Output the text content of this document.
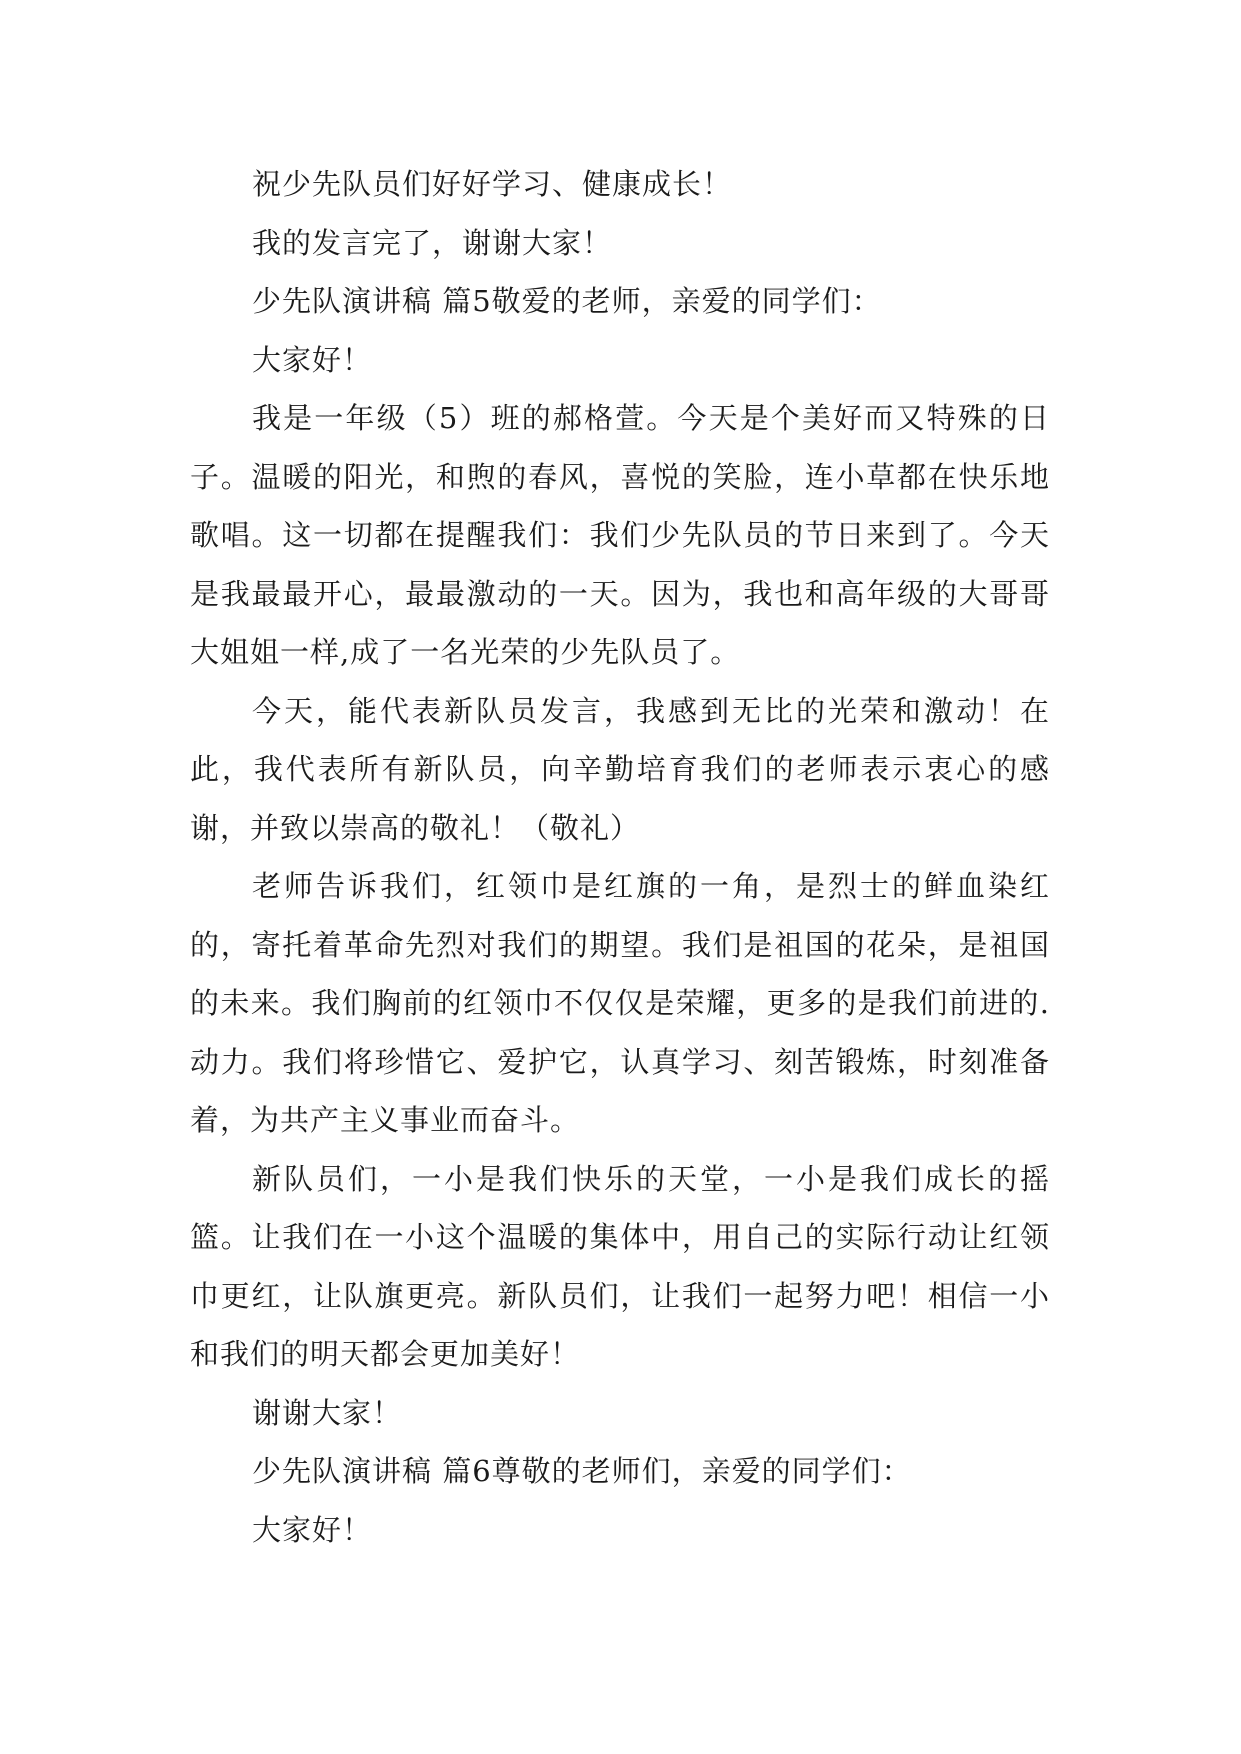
祝少先队员们好好学习、健康成长！

我的发言完了，谢谢大家！

少先队演讲稿 篇5敬爱的老师，亲爱的同学们：

大家好！

我是一年级（5）班的郝格萱。今天是个美好而又特殊的日子。温暖的阳光，和煦的春风，喜悦的笑脸，连小草都在快乐地歌唱。这一切都在提醒我们：我们少先队员的节日来到了。今天是我最最开心，最最激动的一天。因为，我也和高年级的大哥哥大姐姐一样,成了一名光荣的少先队员了。

今天，能代表新队员发言，我感到无比的光荣和激动！在此，我代表所有新队员，向辛勤培育我们的老师表示衷心的感谢，并致以崇高的敬礼！（敬礼）

老师告诉我们，红领巾是红旗的一角，是烈士的鲜血染红的，寄托着革命先烈对我们的期望。我们是祖国的花朵，是祖国的未来。我们胸前的红领巾不仅仅是荣耀，更多的是我们前进的.动力。我们将珍惜它、爱护它，认真学习、刻苦锻炼，时刻准备着，为共产主义事业而奋斗。

新队员们，一小是我们快乐的天堂，一小是我们成长的摇篮。让我们在一小这个温暖的集体中，用自己的实际行动让红领巾更红，让队旗更亮。新队员们，让我们一起努力吧！相信一小和我们的明天都会更加美好！

谢谢大家！

少先队演讲稿 篇6尊敬的老师们，亲爱的同学们：

大家好！
